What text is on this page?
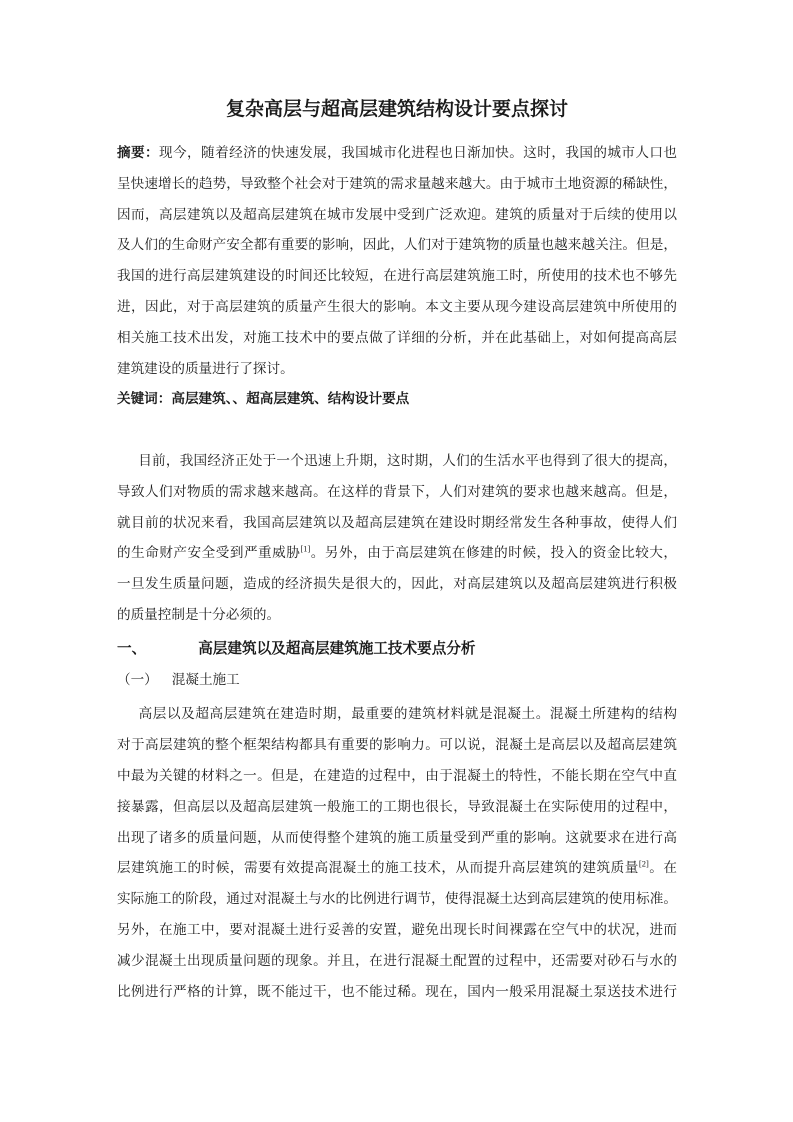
复杂高层与超高层建筑结构设计要点探讨
摘要：现今，随着经济的快速发展，我国城市化进程也日渐加快。这时，我国的城市人口也
呈快速增长的趋势，导致整个社会对于建筑的需求量越来越大。由于城市土地资源的稀缺性，
因而，高层建筑以及超高层建筑在城市发展中受到广泛欢迎。建筑的质量对于后续的使用以
及人们的生命财产安全都有重要的影响，因此，人们对于建筑物的质量也越来越关注。但是，
我国的进行高层建筑建设的时间还比较短，在进行高层建筑施工时，所使用的技术也不够先
进，因此，对于高层建筑的质量产生很大的影响。本文主要从现今建设高层建筑中所使用的
相关施工技术出发，对施工技术中的要点做了详细的分析，并在此基础上，对如何提高高层
建筑建设的质量进行了探讨。
关键词：高层建筑、、超高层建筑、结构设计要点

目前，我国经济正处于一个迅速上升期，这时期，人们的生活水平也得到了很大的提高，
导致人们对物质的需求越来越高。在这样的背景下，人们对建筑的要求也越来越高。但是，
就目前的状况来看，我国高层建筑以及超高层建筑在建设时期经常发生各种事故，使得人们
的生命财产安全受到严重威胁[1]。另外，由于高层建筑在修建的时候，投入的资金比较大，
一旦发生质量问题，造成的经济损失是很大的，因此，对高层建筑以及超高层建筑进行积极
的质量控制是十分必须的。
一、	高层建筑以及超高层建筑施工技术要点分析
（一） 混凝土施工
高层以及超高层建筑在建造时期，最重要的建筑材料就是混凝土。混凝土所建构的结构
对于高层建筑的整个框架结构都具有重要的影响力。可以说，混凝土是高层以及超高层建筑
中最为关键的材料之一。但是，在建造的过程中，由于混凝土的特性，不能长期在空气中直
接暴露，但高层以及超高层建筑一般施工的工期也很长，导致混凝土在实际使用的过程中，
出现了诸多的质量问题，从而使得整个建筑的施工质量受到严重的影响。这就要求在进行高
层建筑施工的时候，需要有效提高混凝土的施工技术，从而提升高层建筑的建筑质量[2]。在
实际施工的阶段，通过对混凝土与水的比例进行调节，使得混凝土达到高层建筑的使用标准。
另外，在施工中，要对混凝土进行妥善的安置，避免出现长时间裸露在空气中的状况，进而
减少混凝土出现质量问题的现象。并且，在进行混凝土配置的过程中，还需要对砂石与水的
比例进行严格的计算，既不能过干，也不能过稀。现在，国内一般采用混凝土泵送技术进行
